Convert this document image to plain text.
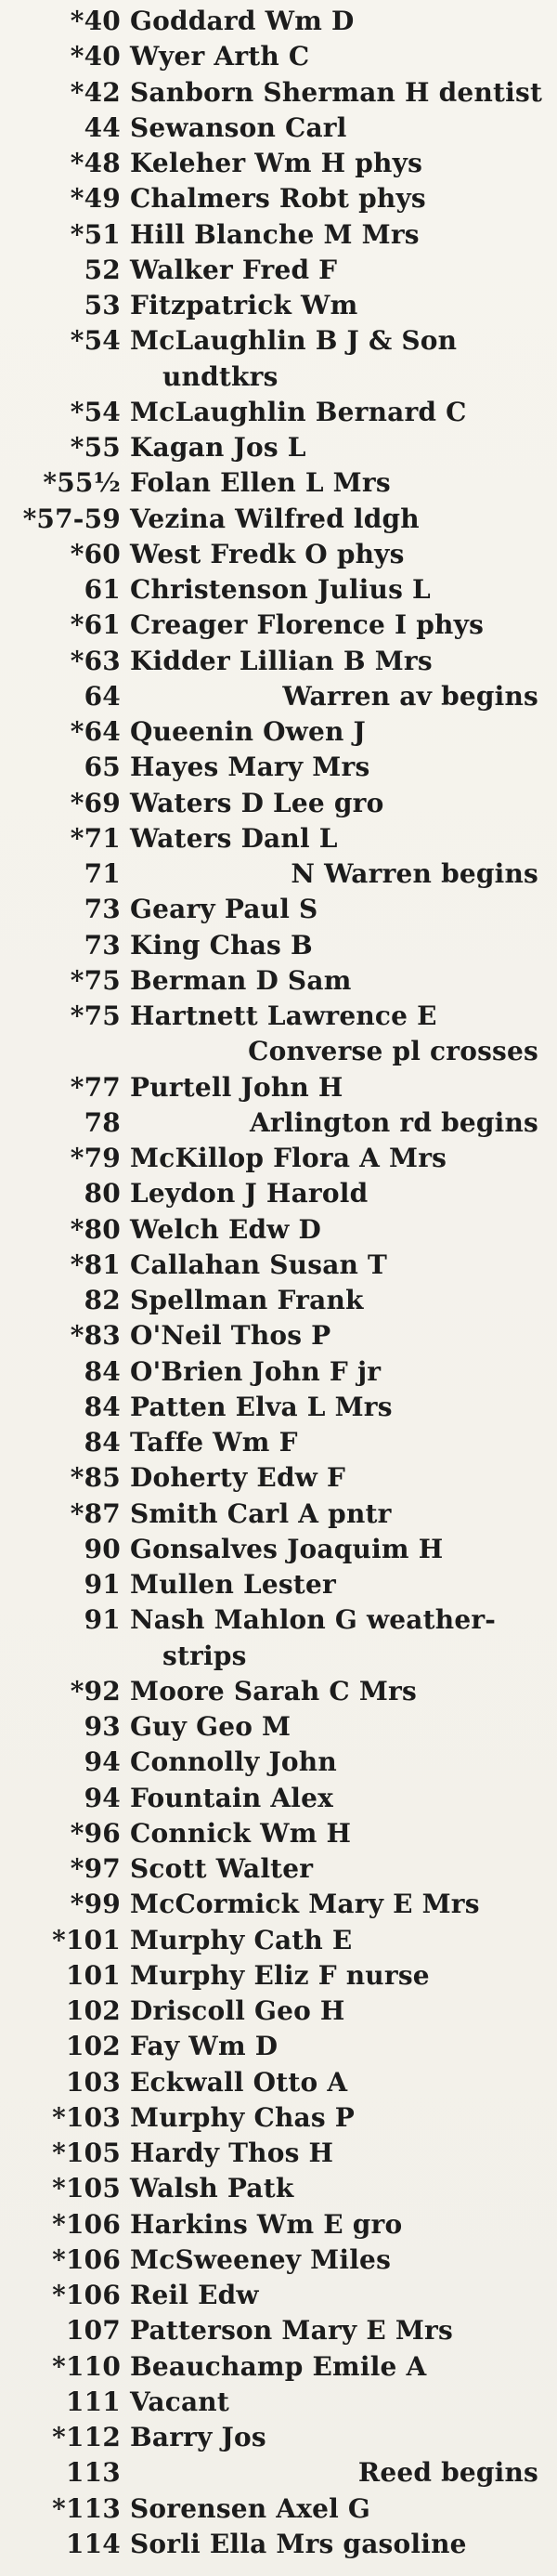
*40 Goddard Wm D
*40 Wyer Arth C
*42 Sanborn Sherman H dentist
44 Sewanson Carl
*48 Keleher Wm H phys
*49 Chalmers Robt phys
*51 Hill Blanche M Mrs
52 Walker Fred F
53 Fitzpatrick Wm
*54 McLaughlin B J & Son
undtkrs
*54 McLaughlin Bernard C
*55 Kagan Jos L
*55½ Folan Ellen L Mrs
*57-59 Vezina Wilfred ldgh
*60 West Fredk O phys
61 Christenson Julius L
*61 Creager Florence I phys
*63 Kidder Lillian B Mrs
64	Warren av begins
*64 Queenin Owen J
65 Hayes Mary Mrs
*69 Waters D Lee gro
*71 Waters Danl L
71	N Warren begins
73 Geary Paul S
73 King Chas B
*75 Berman D Sam
*75 Hartnett Lawrence E
Converse pl crosses
*77 Purtell John H
78	Arlington rd begins
*79 McKillop Flora A Mrs
80 Leydon J Harold
*80 Welch Edw D
*81 Callahan Susan T
82 Spellman Frank
*83 O'Neil Thos P
84 O'Brien John F jr
84 Patten Elva L Mrs
84 Taffe Wm F
*85 Doherty Edw F
*87 Smith Carl A pntr
90 Gonsalves Joaquim H
91 Mullen Lester
91 Nash Mahlon G weather-
strips
*92 Moore Sarah C Mrs
93 Guy Geo M
94 Connolly John
94 Fountain Alex
*96 Connick Wm H
*97 Scott Walter
*99 McCormick Mary E Mrs
*101 Murphy Cath E
101 Murphy Eliz F nurse
102 Driscoll Geo H
102 Fay Wm D
103 Eckwall Otto A
*103 Murphy Chas P
*105 Hardy Thos H
*105 Walsh Patk
*106 Harkins Wm E gro
*106 McSweeney Miles
*106 Reil Edw
107 Patterson Mary E Mrs
*110 Beauchamp Emile A
111 Vacant
*112 Barry Jos
113	Reed begins
*113 Sorensen Axel G
114 Sorli Ella Mrs gasoline
